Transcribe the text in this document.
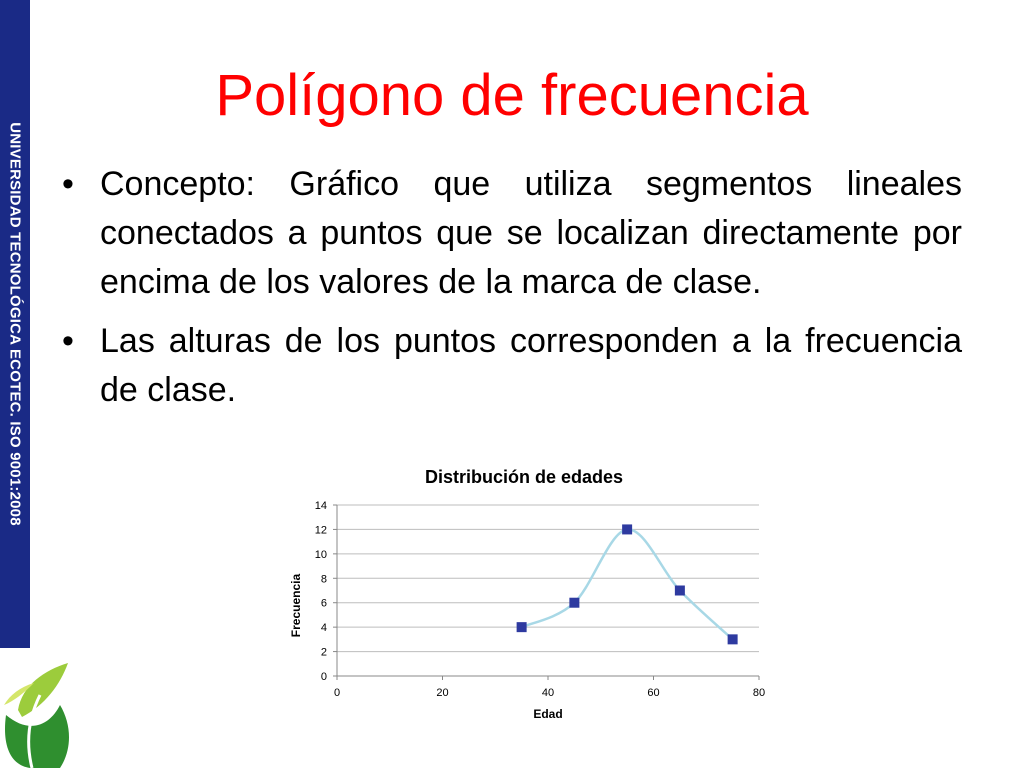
UNIVERSIDAD TECNOLÓGICA ECOTEC. ISO 9001:2008
Polígono de frecuencia
• Concepto: Gráfico que utiliza segmentos lineales conectados a puntos que se localizan directamente por encima de los valores de la marca de clase.
• Las alturas de los puntos corresponden a la frecuencia de clase.
Distribución de edades
0
2
4
6
8
10
12
14
0	20	40	60	80
Edad
Frecuencia
